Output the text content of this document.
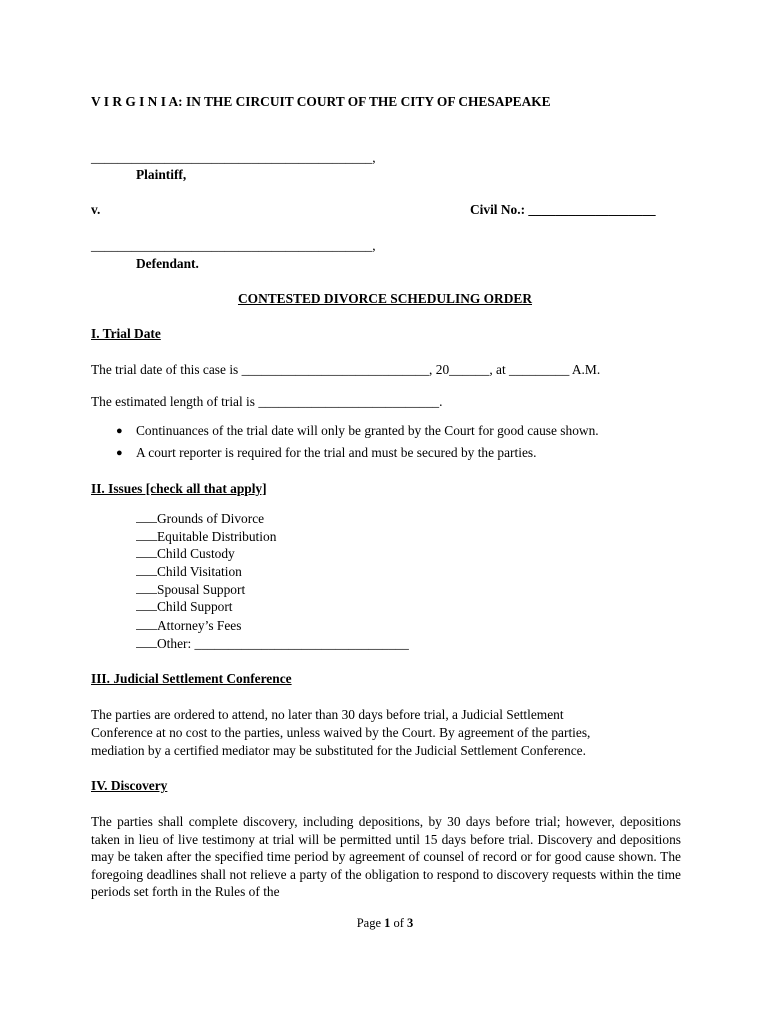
V I R G I N I A: IN THE CIRCUIT COURT OF THE CITY OF CHESAPEAKE
__________________________________________,
Plaintiff,
v.	Civil No.: ___________________
__________________________________________,
Defendant.
CONTESTED DIVORCE SCHEDULING ORDER
I. Trial Date
The trial date of this case is ____________________________, 20______, at _________ A.M.
The estimated length of trial is ___________________________.
● Continuances of the trial date will only be granted by the Court for good cause shown.
● A court reporter is required for the trial and must be secured by the parties.
II. Issues [check all that apply]
Grounds of Divorce
Equitable Distribution
Child Custody
Child Visitation
Spousal Support
Child Support
Attorney’s Fees
Other: ________________________________
III. Judicial Settlement Conference
The parties are ordered to attend, no later than 30 days before trial, a Judicial Settlement
Conference at no cost to the parties, unless waived by the Court. By agreement of the parties,
mediation by a certified mediator may be substituted for the Judicial Settlement Conference.
IV. Discovery
The parties shall complete discovery, including depositions, by 30 days before trial; however, depositions taken in lieu of live testimony at trial will be permitted until 15 days before trial. Discovery and depositions may be taken after the specified time period by agreement of counsel of record or for good cause shown. The foregoing deadlines shall not relieve a party of the obligation to respond to discovery requests within the time periods set forth in the Rules of the
Page 1 of 3
